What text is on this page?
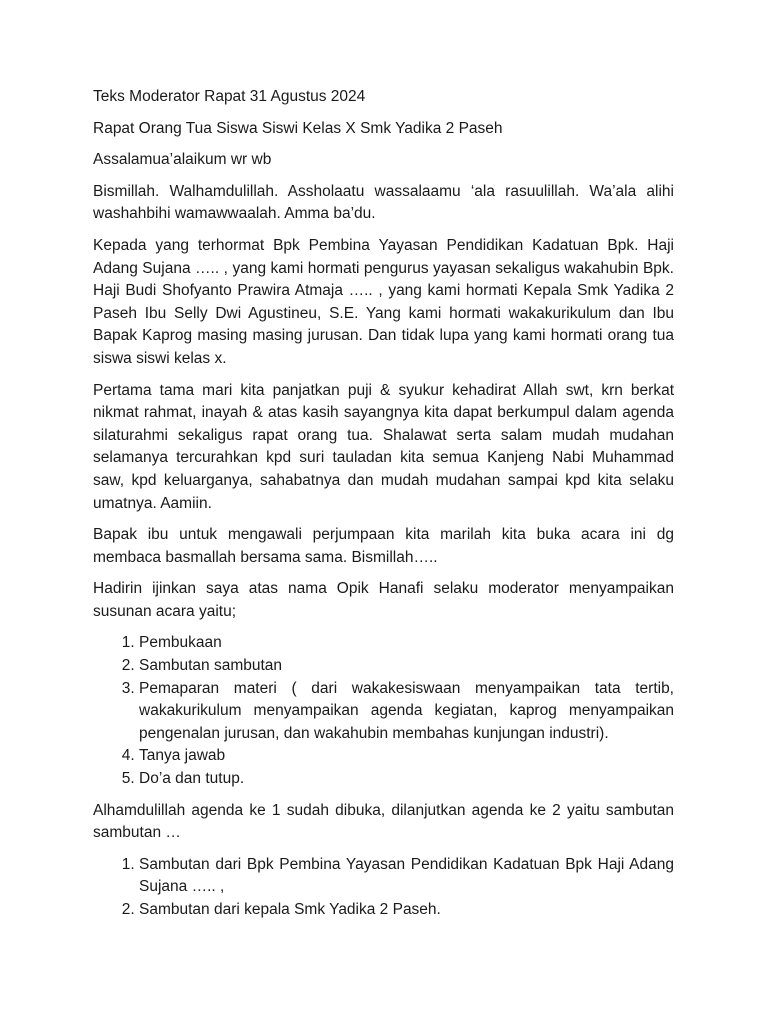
Teks Moderator Rapat 31 Agustus 2024

Rapat Orang Tua Siswa Siswi Kelas X Smk Yadika 2 Paseh

Assalamua’alaikum wr wb

Bismillah. Walhamdulillah. Assholaatu wassalaamu ‘ala rasuulillah. Wa’ala alihi washahbihi wamawwaalah. Amma ba’du.

Kepada yang terhormat Bpk Pembina Yayasan Pendidikan Kadatuan Bpk. Haji Adang Sujana ….. , yang kami hormati pengurus yayasan sekaligus wakahubin Bpk. Haji Budi Shofyanto Prawira Atmaja ….. , yang kami hormati Kepala Smk Yadika 2 Paseh Ibu Selly Dwi Agustineu, S.E. Yang kami hormati wakakurikulum dan Ibu Bapak Kaprog masing masing jurusan. Dan tidak lupa yang kami hormati orang tua siswa siswi kelas x.

Pertama tama mari kita panjatkan puji & syukur kehadirat Allah swt, krn berkat nikmat rahmat, inayah & atas kasih sayangnya kita dapat berkumpul dalam agenda silaturahmi sekaligus rapat orang tua. Shalawat serta salam mudah mudahan selamanya tercurahkan kpd suri tauladan kita semua Kanjeng Nabi Muhammad saw, kpd keluarganya, sahabatnya dan mudah mudahan sampai kpd kita selaku umatnya. Aamiin.

Bapak ibu untuk mengawali perjumpaan kita marilah kita buka acara ini dg membaca basmallah bersama sama. Bismillah…..

Hadirin ijinkan saya atas nama Opik Hanafi selaku moderator menyampaikan susunan acara yaitu;

1. Pembukaan
2. Sambutan sambutan
3. Pemaparan materi ( dari wakakesiswaan menyampaikan tata tertib, wakakurikulum menyampaikan agenda kegiatan, kaprog menyampaikan pengenalan jurusan, dan wakahubin membahas kunjungan industri).
4. Tanya jawab
5. Do’a dan tutup.

Alhamdulillah agenda ke 1 sudah dibuka, dilanjutkan agenda ke 2 yaitu sambutan sambutan …

1. Sambutan dari Bpk Pembina Yayasan Pendidikan Kadatuan Bpk Haji Adang Sujana ….. ,
2. Sambutan dari kepala Smk Yadika 2 Paseh.
